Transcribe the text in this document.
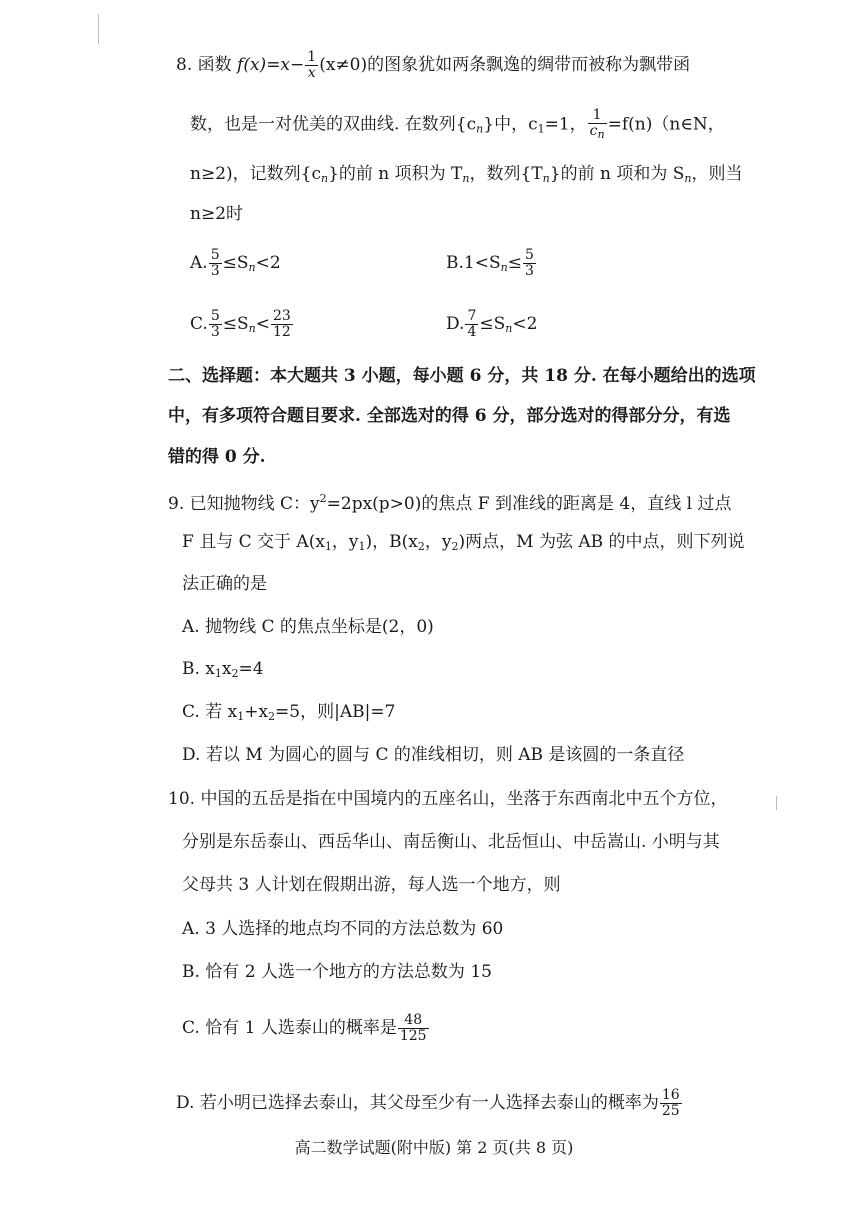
8. 函数 $f(x)=x- \frac{1}{x} (x\ne 0)$的图象犹如两条飘逸的绸带而被称为飘带函
数，也是一对优美的双曲线. 在数列$\{c_n\}$中，$c_1=1$， $\frac{1}{c_n}$ =f(n)（n∈N，
n≥2)，记数列$\{c_n\}$的前 n 项积为 $T_n$，数列$\{T_n\}$的前 n 项和为 $S_n$，则当
n≥2时
A. $\frac{5}{3} \le S_n<2$	$B.1<S_n\le \frac{5}{3}$
C. $\frac{5}{3} \le S_n< \frac{23}{12}$	D. $\frac{7}{4} \le S_n<2$
二、选择题：本大题共 3 小题，每小题 6 分，共 18 分. 在每小题给出的选项
中，有多项符合题目要求. 全部选对的得 6 分，部分选对的得部分分，有选
错的得 0 分.
9. 已知抛物线 C：$y^2=2px(p>0)$的焦点 F 到准线的距离是 4，直线 l 过点
F 且与 C 交于 $A(x_1$，$y_1$)，$B(x_2$，$y_2$)两点，M 为弦 AB 的中点，则下列说
法正确的是
A. 抛物线 C 的焦点坐标是(2，0)
B. $x_1x_2=4$
C. 若 $x_1+x_2=5$，则|AB|=7
D. 若以 M 为圆心的圆与 C 的准线相切，则 AB 是该圆的一条直径
10. 中国的五岳是指在中国境内的五座名山，坐落于东西南北中五个方位，
分别是东岳泰山、西岳华山、南岳衡山、北岳恒山、中岳嵩山. 小明与其
父母共 3 人计划在假期出游，每人选一个地方，则
A. 3 人选择的地点均不同的方法总数为 60
B. 恰有 2 人选一个地方的方法总数为 15
C. 恰有 1 人选泰山的概率是 $\frac{48}{125}$
D. 若小明已选择去泰山，其父母至少有一人选择去泰山的概率为 $\frac{16}{25}$
高二数学试题(附中版) 第 2 页(共 8 页)
